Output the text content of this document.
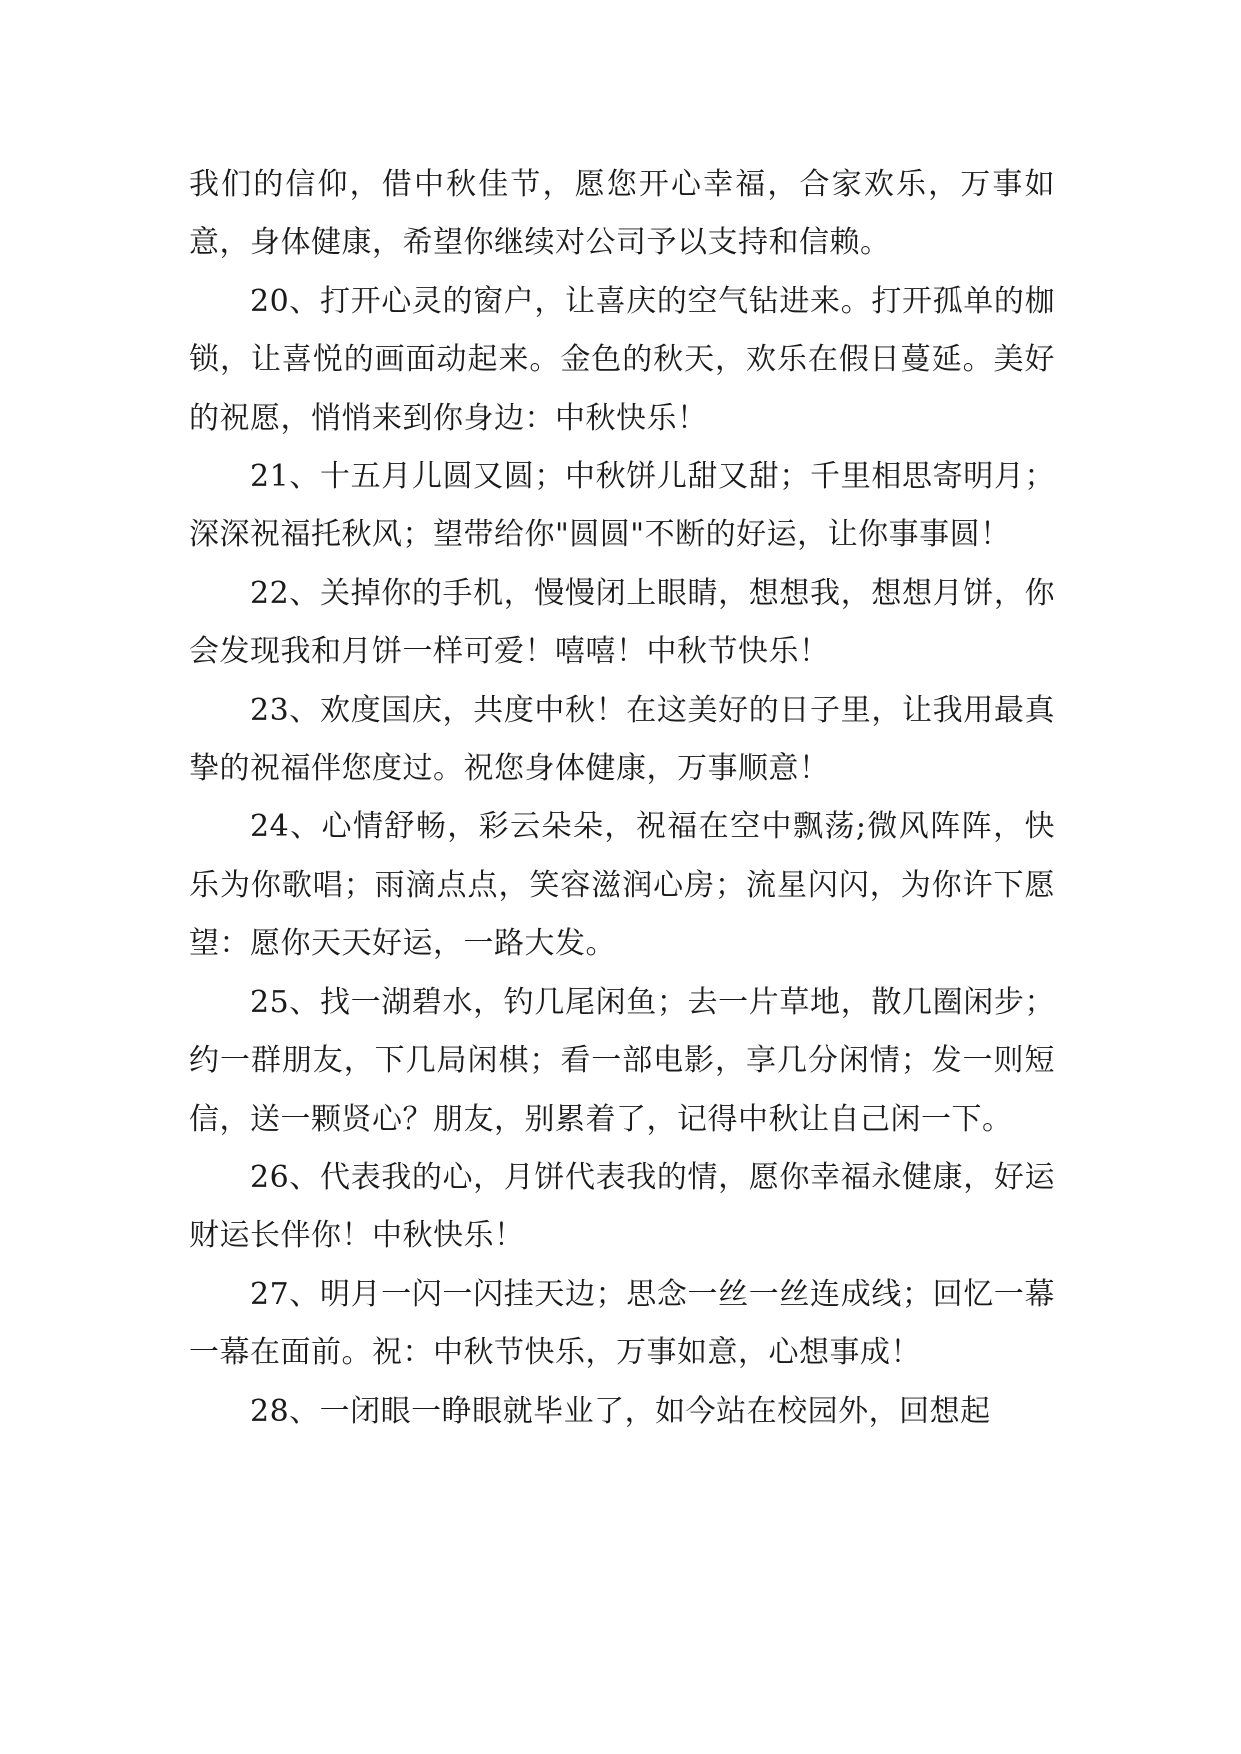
我们的信仰，借中秋佳节，愿您开心幸福，合家欢乐，万事如意，身体健康，希望你继续对公司予以支持和信赖。

20、打开心灵的窗户，让喜庆的空气钻进来。打开孤单的枷锁，让喜悦的画面动起来。金色的秋天，欢乐在假日蔓延。美好的祝愿，悄悄来到你身边：中秋快乐！

21、十五月儿圆又圆；中秋饼儿甜又甜；千里相思寄明月；深深祝福托秋风；望带给你"圆圆"不断的好运，让你事事圆！

22、关掉你的手机，慢慢闭上眼睛，想想我，想想月饼，你会发现我和月饼一样可爱！嘻嘻！中秋节快乐！

23、欢度国庆，共度中秋！在这美好的日子里，让我用最真挚的祝福伴您度过。祝您身体健康，万事顺意！

24、心情舒畅，彩云朵朵，祝福在空中飘荡;微风阵阵，快乐为你歌唱；雨滴点点，笑容滋润心房；流星闪闪，为你许下愿望：愿你天天好运，一路大发。

25、找一湖碧水，钓几尾闲鱼；去一片草地，散几圈闲步；约一群朋友，下几局闲棋；看一部电影，享几分闲情；发一则短信，送一颗贤心？朋友，别累着了，记得中秋让自己闲一下。

26、代表我的心，月饼代表我的情，愿你幸福永健康，好运财运长伴你！中秋快乐！

27、明月一闪一闪挂天边；思念一丝一丝连成线；回忆一幕一幕在面前。祝：中秋节快乐，万事如意，心想事成！

28、一闭眼一睁眼就毕业了，如今站在校园外，回想起
